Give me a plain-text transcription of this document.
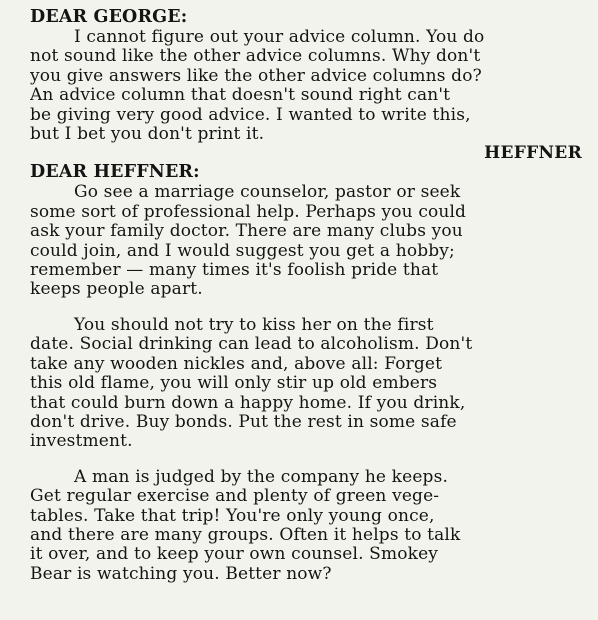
DEAR GEORGE:

I cannot figure out your advice column. You do
not sound like the other advice columns. Why don't
you give answers like the other advice columns do?
An advice column that doesn't sound right can't
be giving very good advice. I wanted to write this,
but I bet you don't print it.

HEFFNER

DEAR HEFFNER:

Go see a marriage counselor, pastor or seek
some sort of professional help. Perhaps you could
ask your family doctor. There are many clubs you
could join, and I would suggest you get a hobby;
remember — many times it's foolish pride that
keeps people apart.

You should not try to kiss her on the first
date. Social drinking can lead to alcoholism. Don't
take any wooden nickles and, above all: Forget
this old flame, you will only stir up old embers
that could burn down a happy home. If you drink,
don't drive. Buy bonds. Put the rest in some safe
investment.

A man is judged by the company he keeps.
Get regular exercise and plenty of green vege-
tables. Take that trip! You're only young once,
and there are many groups. Often it helps to talk
it over, and to keep your own counsel. Smokey
Bear is watching you. Better now?
